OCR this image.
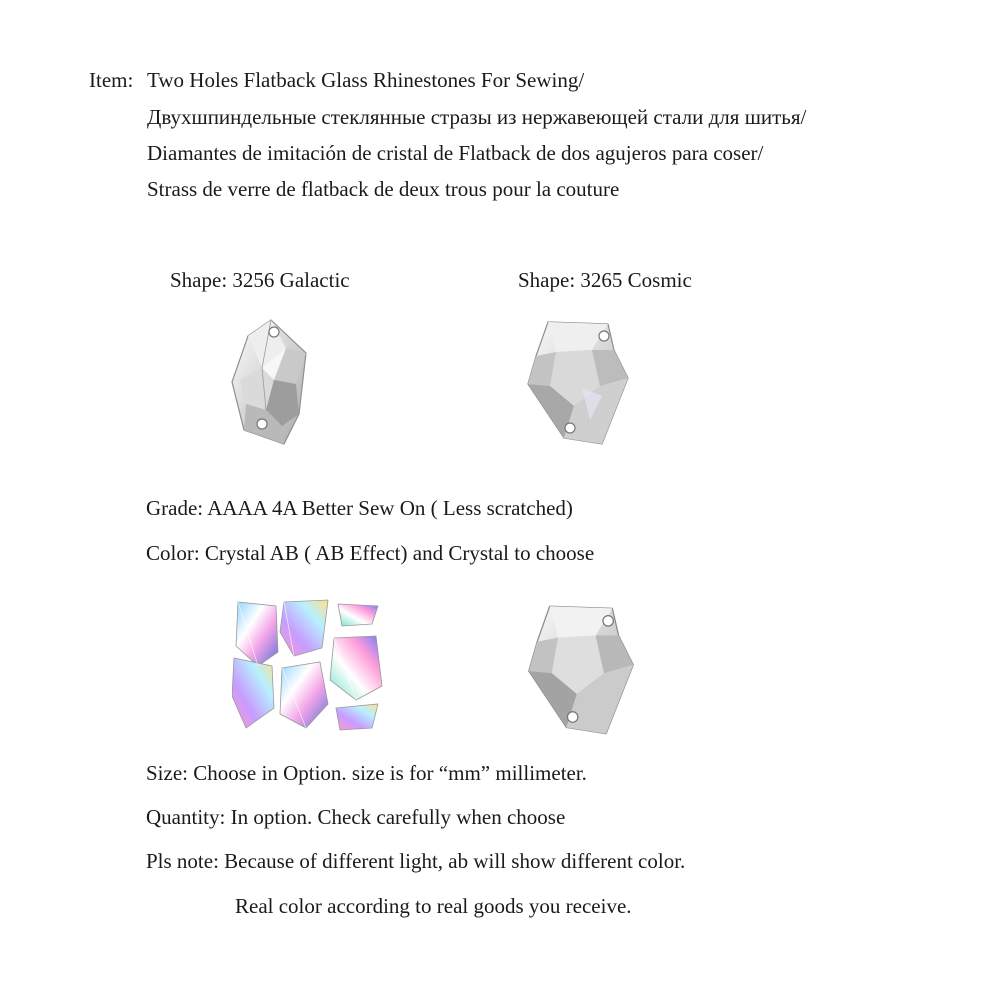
Item: Two Holes Flatback Glass Rhinestones For Sewing/
Двухшпиндельные стеклянные стразы из нержавеющей стали для шитья/
Diamantes de imitación de cristal de Flatback de dos agujeros para coser/
Strass de verre de flatback de deux trous pour la couture
Shape: 3256 Galactic	Shape: 3265 Cosmic
Grade: AAAA 4A Better Sew On ( Less scratched)
Color: Crystal AB ( AB Effect) and Crystal to choose
Size: Choose in Option. size is for “mm” millimeter.
Quantity: In option. Check carefully when choose
Pls note: Because of different light, ab will show different color.
Real color according to real goods you receive.
